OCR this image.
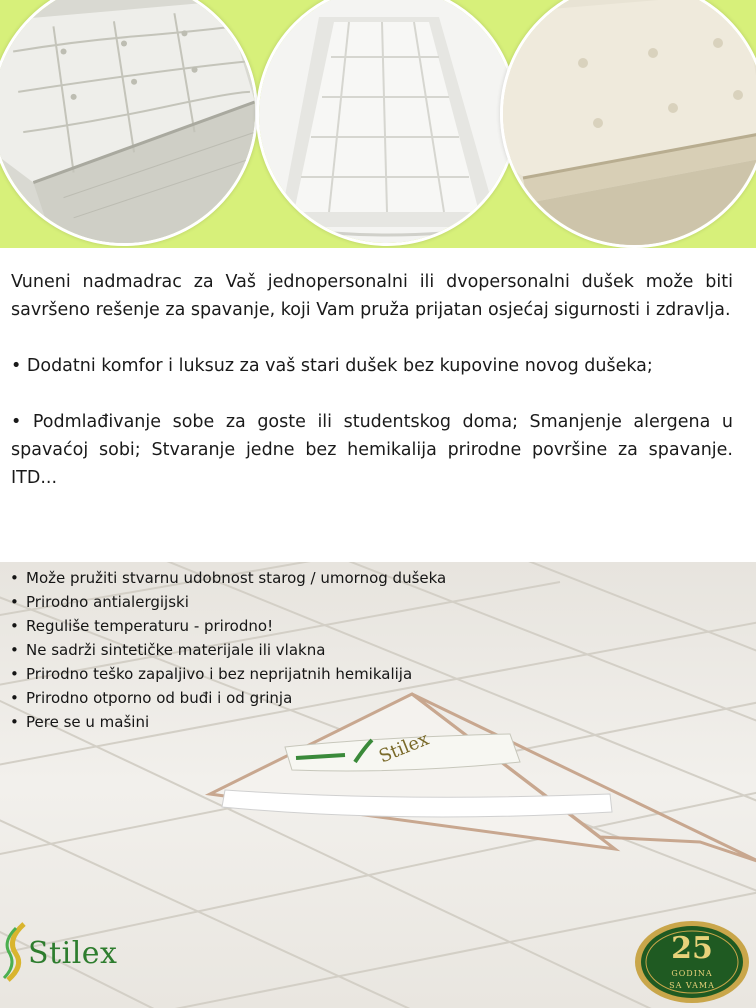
Vuneni nadmadrac za Vaš jednopersonalni ili dvopersonalni dušek može biti savršeno rešenje za spavanje, koji Vam pruža prijatan osjećaj sigurnosti i zdravlja.

• Dodatni komfor i luksuz za vaš stari dušek bez kupovine novog dušeka;

• Podmlađivanje sobe za goste ili studentskog doma; Smanjenje alergena u spavaćoj sobi; Stvaranje jedne bez hemikalija prirodne površine za spavanje. ITD...

• Može pružiti stvarnu udobnost starog / umornog dušeka
• Prirodno antialergijski
• Reguliše temperaturu - prirodno!
• Ne sadrži sintetičke materijale ili vlakna
• Prirodno teško zapaljivo i bez neprijatnih hemikalija
• Prirodno otporno od buđi i od grinja
• Pere se u mašini
Stilex
Stilex	25
GODINA
SA VAMA
